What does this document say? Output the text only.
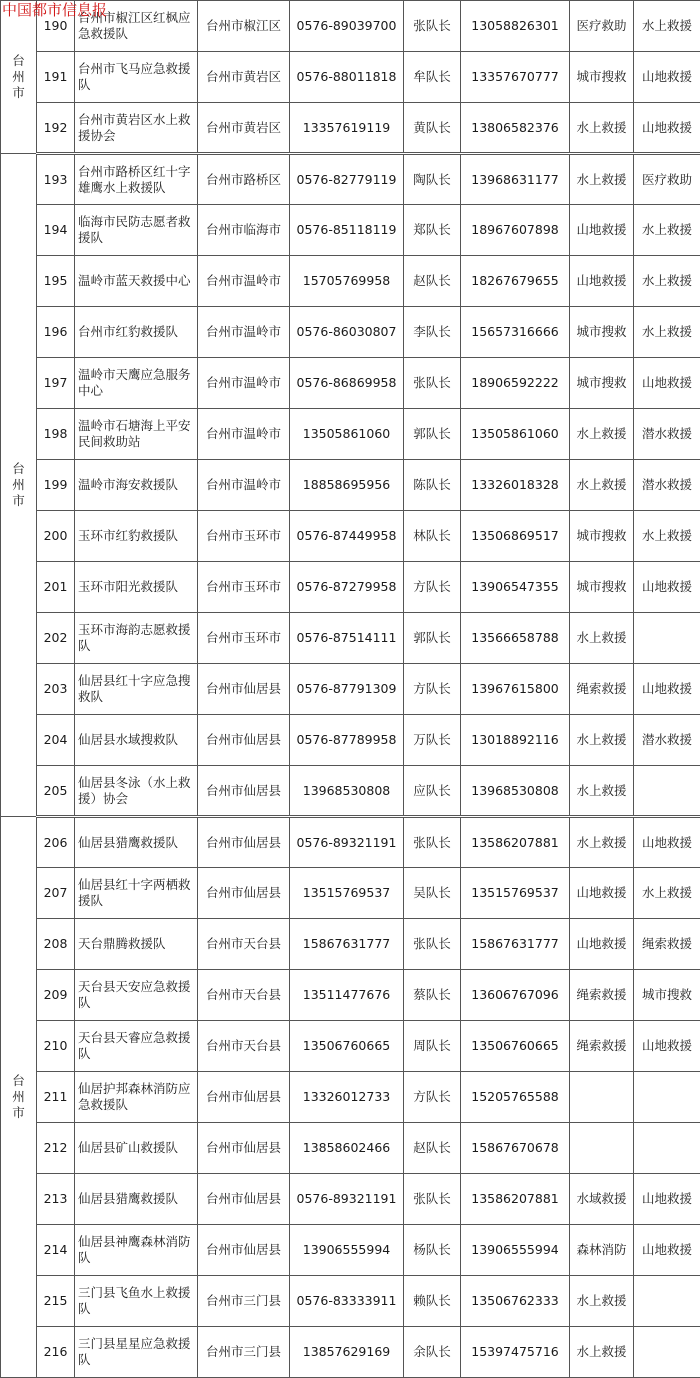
中国都市信息报
台州市	190	台州市椒江区红枫应急救援队	台州市椒江区	0576-89039700	张队长	13058826301	医疗救助	水上救援
	191	台州市飞马应急救援队	台州市黄岩区	0576-88011818	牟队长	13357670777	城市搜救	山地救援
	192	台州市黄岩区水上救援协会	台州市黄岩区	13357619119	黄队长	13806582376	水上救援	山地救援
台州市	193	台州市路桥区红十字雄鹰水上救援队	台州市路桥区	0576-82779119	陶队长	13968631177	水上救援	医疗救助
	194	临海市民防志愿者救援队	台州市临海市	0576-85118119	郑队长	18967607898	山地救援	水上救援
	195	温岭市蓝天救援中心	台州市温岭市	15705769958	赵队长	18267679655	山地救援	水上救援
	196	台州市红豹救援队	台州市温岭市	0576-86030807	李队长	15657316666	城市搜救	水上救援
	197	温岭市天鹰应急服务中心	台州市温岭市	0576-86869958	张队长	18906592222	城市搜救	山地救援
	198	温岭市石塘海上平安民间救助站	台州市温岭市	13505861060	郭队长	13505861060	水上救援	潜水救援
	199	温岭市海安救援队	台州市温岭市	18858695956	陈队长	13326018328	水上救援	潜水救援
	200	玉环市红豹救援队	台州市玉环市	0576-87449958	林队长	13506869517	城市搜救	水上救援
	201	玉环市阳光救援队	台州市玉环市	0576-87279958	方队长	13906547355	城市搜救	山地救援
	202	玉环市海韵志愿救援队	台州市玉环市	0576-87514111	郭队长	13566658788	水上救援	
	203	仙居县红十字应急搜救队	台州市仙居县	0576-87791309	方队长	13967615800	绳索救援	山地救援
	204	仙居县水域搜救队	台州市仙居县	0576-87789958	万队长	13018892116	水上救援	潜水救援
	205	仙居县冬泳（水上救援）协会	台州市仙居县	13968530808	应队长	13968530808	水上救援	
台州市	206	仙居县猎鹰救援队	台州市仙居县	0576-89321191	张队长	13586207881	水上救援	山地救援
	207	仙居县红十字两栖救援队	台州市仙居县	13515769537	吴队长	13515769537	山地救援	水上救援
	208	天台鼎腾救援队	台州市天台县	15867631777	张队长	15867631777	山地救援	绳索救援
	209	天台县天安应急救援队	台州市天台县	13511477676	蔡队长	13606767096	绳索救援	城市搜救
	210	天台县天睿应急救援队	台州市天台县	13506760665	周队长	13506760665	绳索救援	山地救援
	211	仙居护邦森林消防应急救援队	台州市仙居县	13326012733	方队长	15205765588		
	212	仙居县矿山救援队	台州市仙居县	13858602466	赵队长	15867670678		
	213	仙居县猎鹰救援队	台州市仙居县	0576-89321191	张队长	13586207881	水域救援	山地救援
	214	仙居县神鹰森林消防队	台州市仙居县	13906555994	杨队长	13906555994	森林消防	山地救援
	215	三门县飞鱼水上救援队	台州市三门县	0576-83333911	赖队长	13506762333	水上救援	
	216	三门县星星应急救援队	台州市三门县	13857629169	余队长	15397475716	水上救援	
